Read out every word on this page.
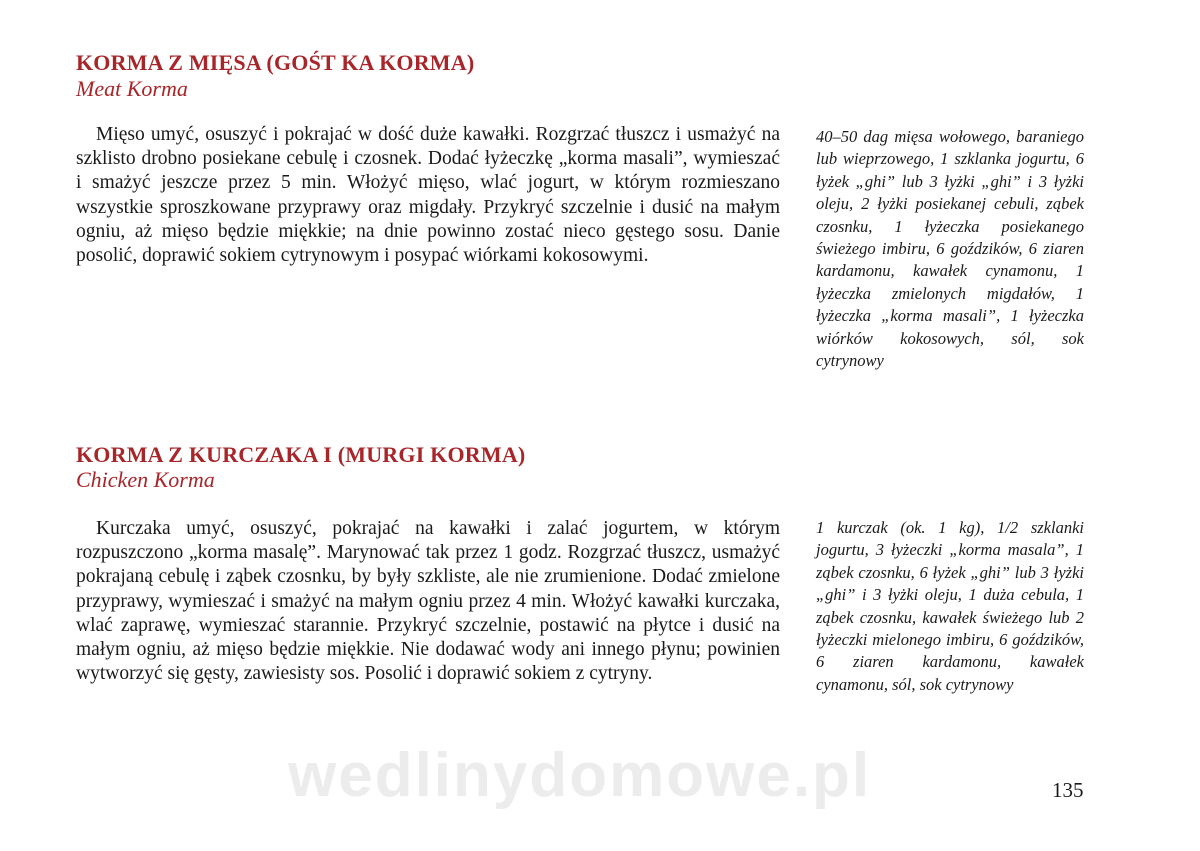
KORMA Z MIĘSA (GOŚT KA KORMA)
Meat Korma

Mięso umyć, osuszyć i pokrajać w dość duże kawałki. Rozgrzać tłuszcz i usmażyć na szklisto drobno posiekane cebulę i czosnek. Dodać łyżeczkę „korma masali”, wymieszać i smażyć jeszcze przez 5 min. Włożyć mięso, wlać jogurt, w którym rozmieszano wszystkie sproszkowane przyprawy oraz migdały. Przykryć szczelnie i dusić na małym ogniu, aż mięso będzie miękkie; na dnie powinno zostać nieco gęstego sosu. Danie posolić, doprawić sokiem cytrynowym i posypać wiórkami kokosowymi.

40–50 dag mięsa wołowego, baraniego lub wieprzowego, 1 szklanka jogurtu, 6 łyżek „ghi” lub 3 łyżki „ghi” i 3 łyżki oleju, 2 łyżki posiekanej cebuli, ząbek czosnku, 1 łyżeczka posiekanego świeżego imbiru, 6 goździków, 6 ziaren kardamonu, kawałek cynamonu, 1 łyżeczka zmielonych migdałów, 1 łyżeczka „korma masali”, 1 łyżeczka wiórków kokosowych, sól, sok cytrynowy

KORMA Z KURCZAKA I (MURGI KORMA)
Chicken Korma

Kurczaka umyć, osuszyć, pokrajać na kawałki i zalać jogurtem, w którym rozpuszczono „korma masalę”. Marynować tak przez 1 godz. Rozgrzać tłuszcz, usmażyć pokrajaną cebulę i ząbek czosnku, by były szkliste, ale nie zrumienione. Dodać zmielone przyprawy, wymieszać i smażyć na małym ogniu przez 4 min. Włożyć kawałki kurczaka, wlać zaprawę, wymieszać starannie. Przykryć szczelnie, postawić na płytce i dusić na małym ogniu, aż mięso będzie miękkie. Nie dodawać wody ani innego płynu; powinien wytworzyć się gęsty, zawiesisty sos. Posolić i doprawić sokiem z cytryny.

1 kurczak (ok. 1 kg), 1/2 szklanki jogurtu, 3 łyżeczki „korma masala”, 1 ząbek czosnku, 6 łyżek „ghi” lub 3 łyżki „ghi” i 3 łyżki oleju, 1 duża cebula, 1 ząbek czosnku, kawałek świeżego lub 2 łyżeczki mielonego imbiru, 6 goździków, 6 ziaren kardamonu, kawałek cynamonu, sól, sok cytrynowy

wedlinydomowe.pl	135
